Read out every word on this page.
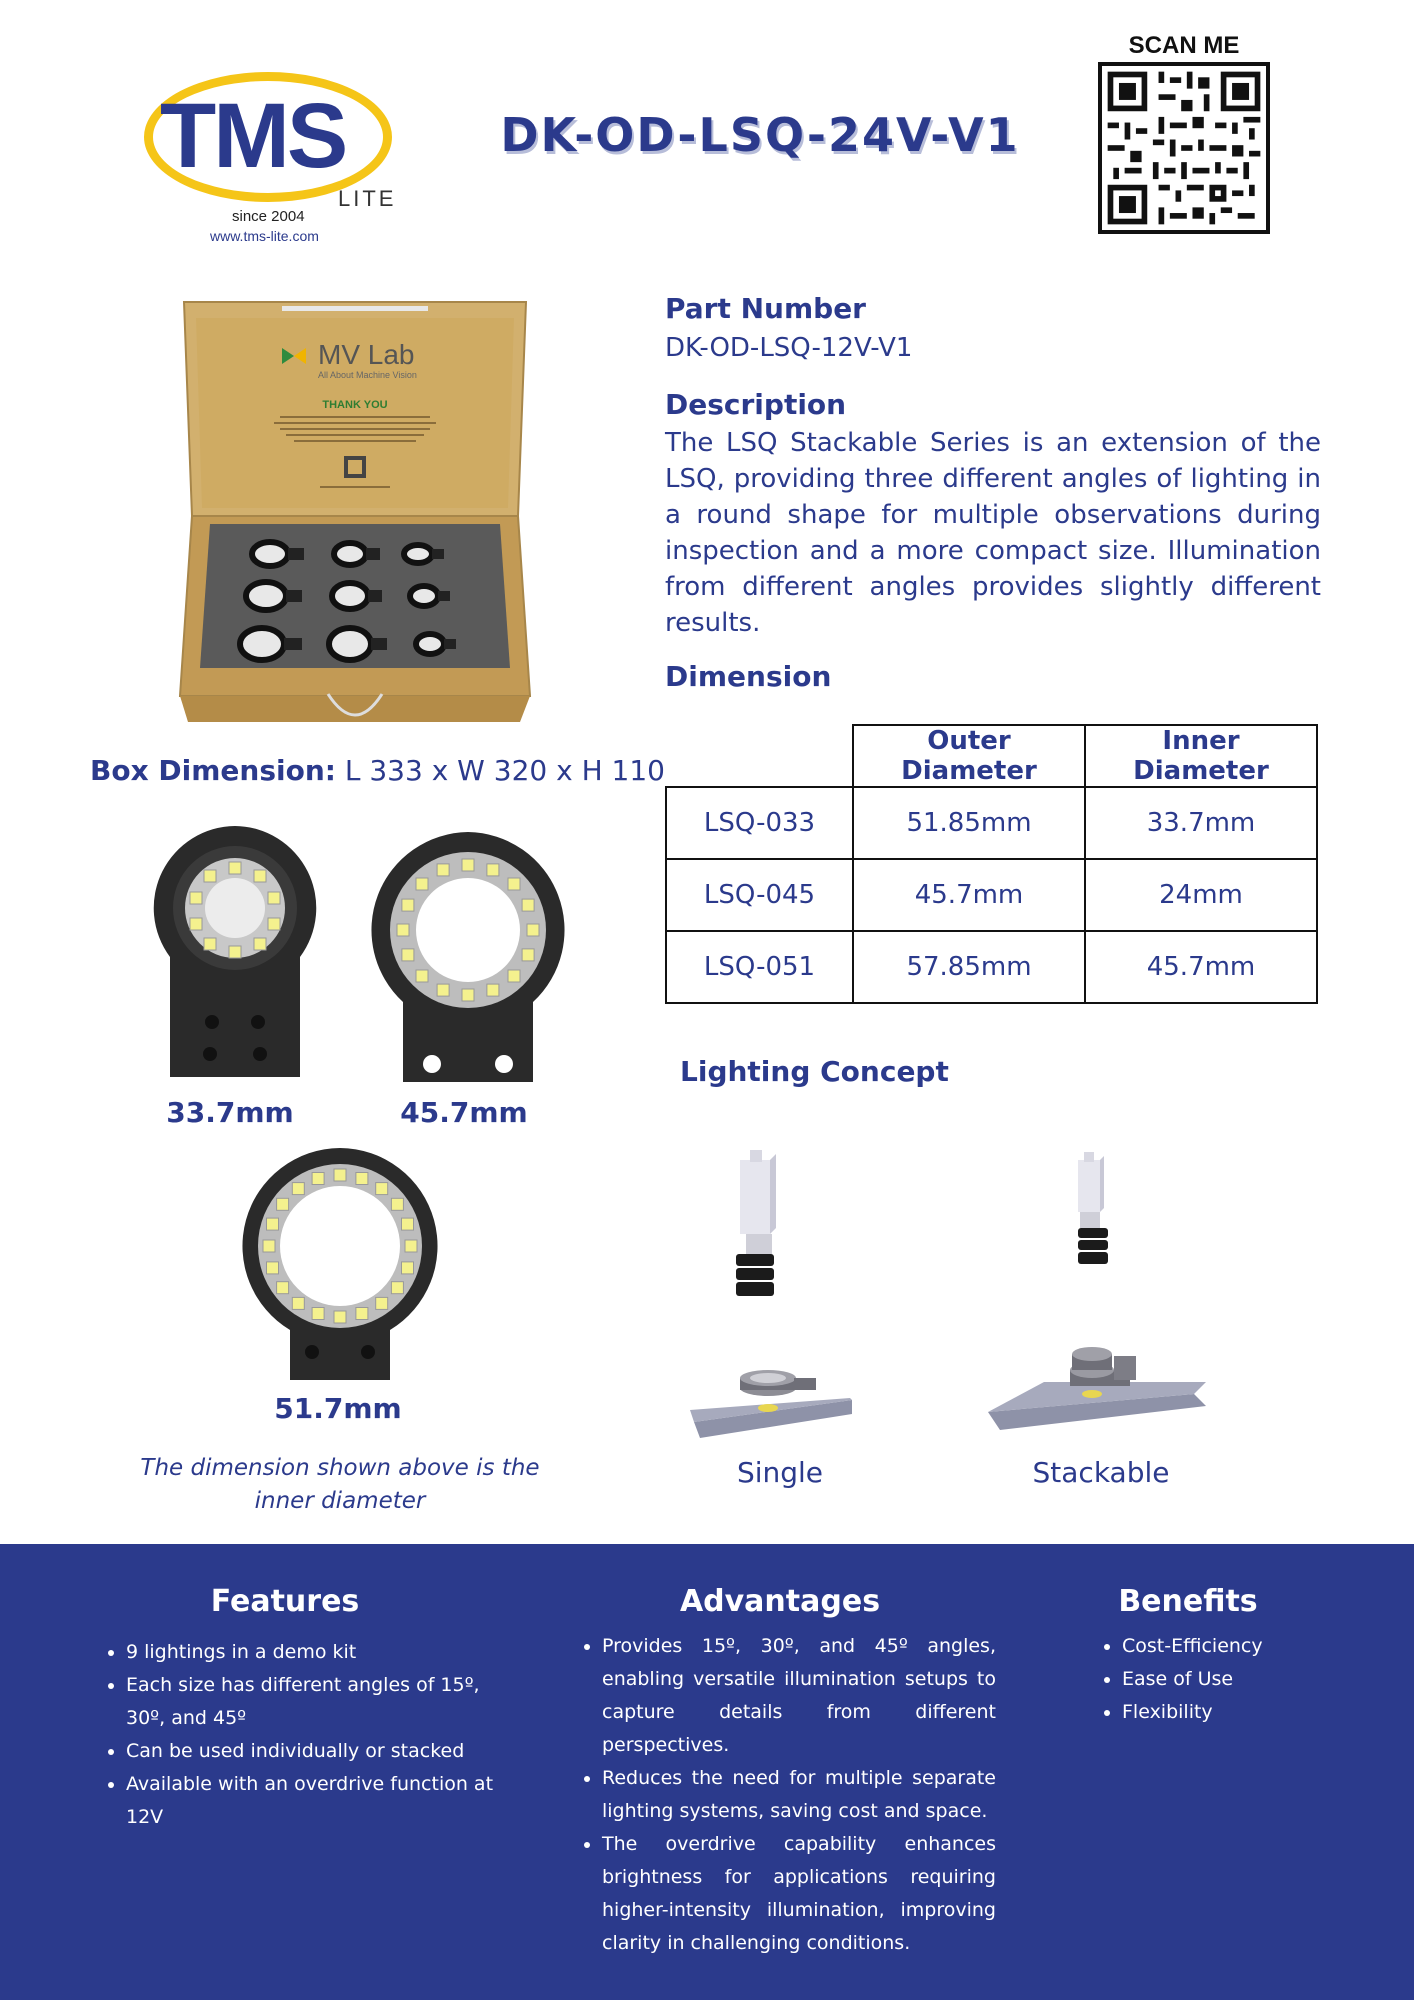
TMS
LITE
since 2004
www.tms-lite.com
DK-OD-LSQ-24V-V1
SCAN ME
MV Lab
All About Machine Vision
THANK YOU
Box Dimension: L 333 x W 320 x H 110
33.7mm	45.7mm
51.7mm
The dimension shown above is the inner diameter
Part Number
DK-OD-LSQ-12V-V1
Description
The LSQ Stackable Series is an extension of the LSQ, providing three different angles of lighting in a round shape for multiple observations during inspection and a more compact size. Illumination from different angles provides slightly different results.
Dimension
	Outer Diameter	Inner Diameter
LSQ-033	51.85mm	33.7mm
LSQ-045	45.7mm	24mm
LSQ-051	57.85mm	45.7mm
Lighting Concept
Single	Stackable
Features
• 9 lightings in a demo kit
• Each size has different angles of 15º, 30º, and 45º
• Can be used individually or stacked
• Available with an overdrive function at 12V
Advantages
• Provides 15º, 30º, and 45º angles, enabling versatile illumination setups to capture details from different perspectives.
• Reduces the need for multiple separate lighting systems, saving cost and space.
• The overdrive capability enhances brightness for applications requiring higher-intensity illumination, improving clarity in challenging conditions.
Benefits
• Cost-Efficiency
• Ease of Use
• Flexibility
